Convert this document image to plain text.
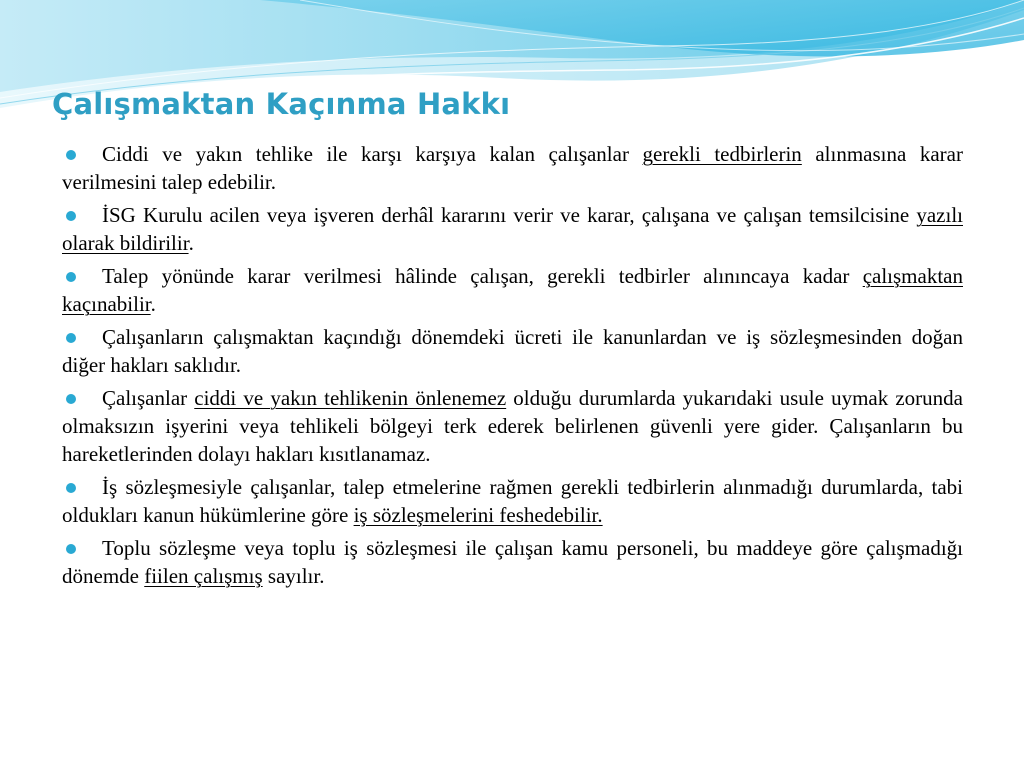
Çalışmaktan Kaçınma Hakkı
Ciddi ve yakın tehlike ile karşı karşıya kalan çalışanlar gerekli tedbirlerin alınmasına karar verilmesini talep edebilir.
İSG Kurulu acilen veya işveren derhâl kararını verir ve karar, çalışana ve çalışan temsilcisine yazılı olarak bildirilir.
Talep yönünde karar verilmesi hâlinde çalışan, gerekli tedbirler alınıncaya kadar çalışmaktan kaçınabilir.
Çalışanların çalışmaktan kaçındığı dönemdeki ücreti ile kanunlardan ve iş sözleşmesinden doğan diğer hakları saklıdır.
Çalışanlar ciddi ve yakın tehlikenin önlenemez olduğu durumlarda yukarıdaki usule uymak zorunda olmaksızın işyerini veya tehlikeli bölgeyi terk ederek belirlenen güvenli yere gider. Çalışanların bu hareketlerinden dolayı hakları kısıtlanamaz.
İş sözleşmesiyle çalışanlar, talep etmelerine rağmen gerekli tedbirlerin alınmadığı durumlarda, tabi oldukları kanun hükümlerine göre iş sözleşmelerini feshedebilir.
Toplu sözleşme veya toplu iş sözleşmesi ile çalışan kamu personeli, bu maddeye göre çalışmadığı dönemde fiilen çalışmış sayılır.
